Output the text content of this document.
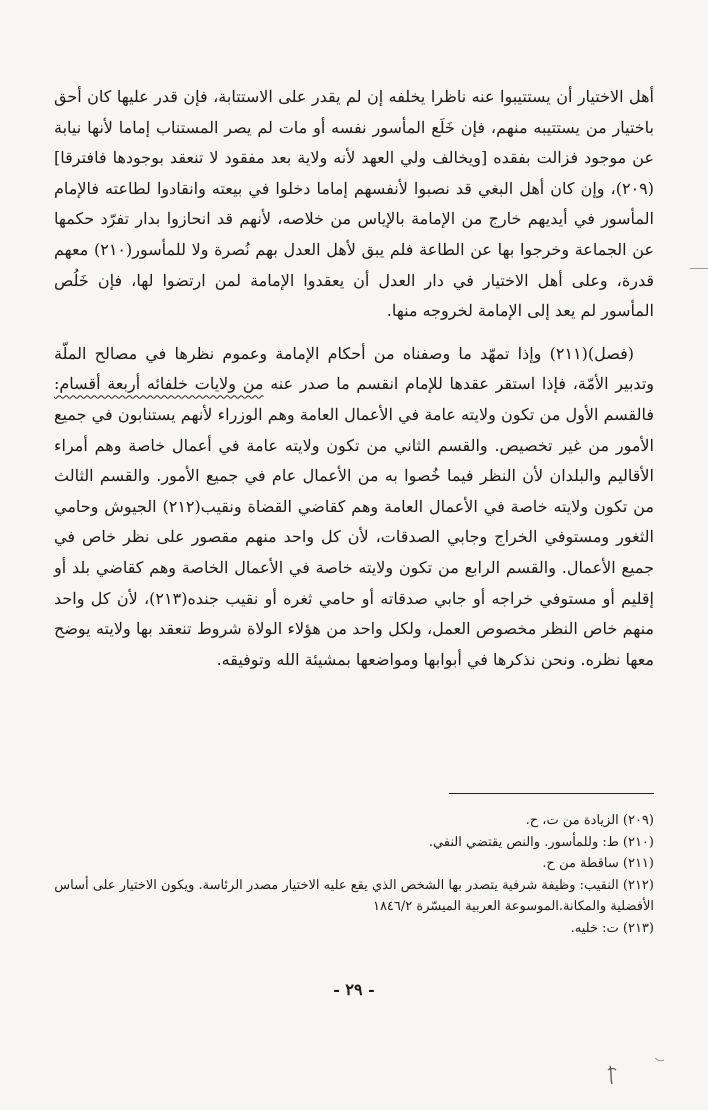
أهل الاختيار أن يستتيبوا عنه ناظرا يخلفه إن لم يقدر على الاستتابة، فإن قدر عليها كان أحق باختيار من يستتيبه منهم، فإن خَلَع المأسور نفسه أو مات لم يصر المستناب إماما لأنها نيابة عن موجود فزالت بفقده [ويخالف ولي العهد لأنه ولاية بعد مفقود لا تنعقد بوجودها فافترقا](٢٠٩)، وإن كان أهل البغي قد نصبوا لأنفسهم إماما دخلوا في بيعته وانقادوا لطاعته فالإمام المأسور في أيديهم خارج من الإمامة بالإياس من خلاصه، لأنهم قد انحازوا بدار تفرّد حكمها عن الجماعة وخرجوا بها عن الطاعة فلم يبق لأهل العدل بهم نُصرة ولا للمأسور(٢١٠) معهم قدرة، وعلى أهل الاختيار في دار العدل أن يعقدوا الإمامة لمن ارتضوا لها، فإن خَلُص المأسور لم يعد إلى الإمامة لخروجه منها.

(فصل)(٢١١) وإذا تمهّد ما وصفناه من أحكام الإمامة وعموم نظرها في مصالح الملّة وتدبير الأمّة، فإذا استقر عقدها للإمام انقسم ما صدر عنه من ولايات خلفائه أربعة أقسام: فالقسم الأول من تكون ولايته عامة في الأعمال العامة وهم الوزراء لأنهم يستنابون في جميع الأمور من غير تخصيص. والقسم الثاني من تكون ولايته عامة في أعمال خاصة وهم أمراء الأقاليم والبلدان لأن النظر فيما خُصوا به من الأعمال عام في جميع الأمور. والقسم الثالث من تكون ولايته خاصة في الأعمال العامة وهم كقاضي القضاة ونقيب(٢١٢) الجيوش وحامي الثغور ومستوفي الخراج وجابي الصدقات، لأن كل واحد منهم مقصور على نظر خاص في جميع الأعمال. والقسم الرابع من تكون ولايته خاصة في الأعمال الخاصة وهم كقاضي بلد أو إقليم أو مستوفي خراجه أو جابي صدقاته أو حامي ثغره أو نقيب جنده(٢١٣)، لأن كل واحد منهم خاص النظر مخصوص العمل، ولكل واحد من هؤلاء الولاة شروط تنعقد بها ولايته يوضح معها نظره. ونحن نذكرها في أبوابها ومواضعها بمشيئة الله وتوفيقه.

(٢٠٩) الزيادة من ت، ح.

(٢١٠) ط: وللمأسور. والنص يقتضي النفي.

(٢١١) ساقطة من ح.

(٢١٢) النقيب: وظيفة شرفية يتصدر بها الشخص الذي يقع عليه الاختيار مصدر الرئاسة. ويكون الاختيار على أساس الأفضلية والمكانة.الموسوعة العربية الميسّرة ١٨٤٦/٢

(٢١٣) ت: خليه.

- ٢٩ -
